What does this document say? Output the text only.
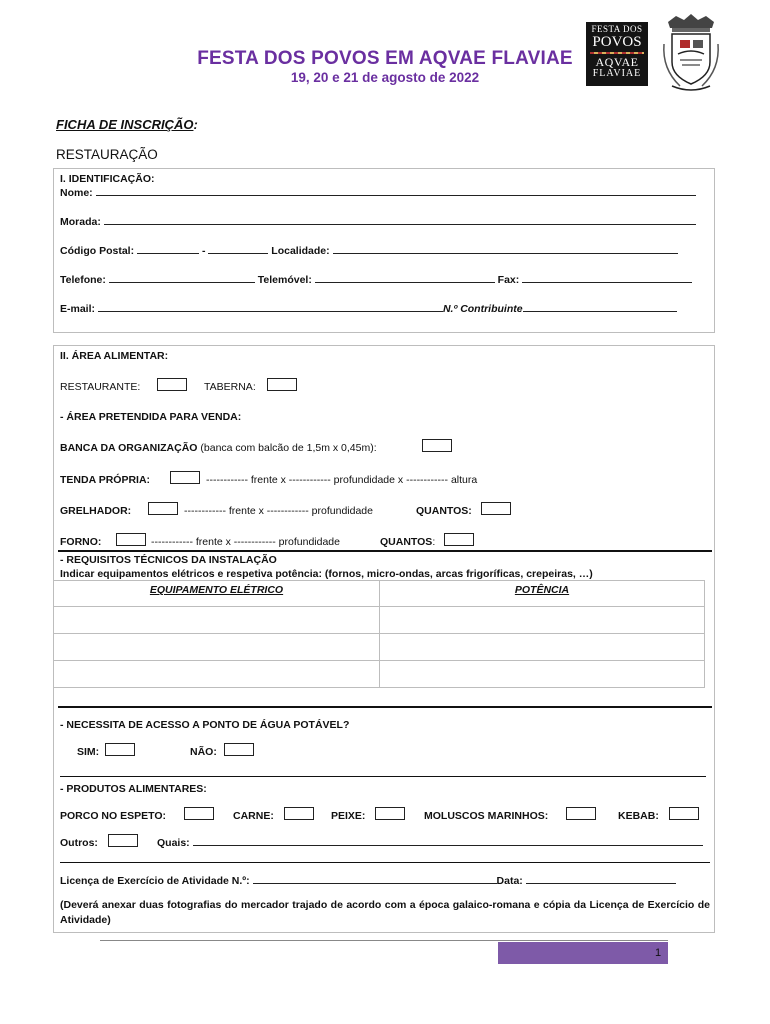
FESTA DOS POVOS EM AQVAE FLAVIAE
19, 20 e 21 de agosto de 2022
FESTA DOS
POVOS
AQVAE
FLAVIAE
FICHA DE INSCRIÇÃO:
RESTAURAÇÃO
I. IDENTIFICAÇÃO:
Nome:
Morada:
Código Postal:	-	Localidade:
Telefone:	Telemóvel:	Fax:
E-mail:	N.º Contribuinte
II. ÁREA ALIMENTAR:
RESTAURANTE:	TABERNA:
- ÁREA PRETENDIDA PARA VENDA:
BANCA DA ORGANIZAÇÃO (banca com balcão de 1,5m x 0,45m):
TENDA PRÓPRIA:	------------ frente x ------------ profundidade x ------------ altura
GRELHADOR:	------------ frente x ------------ profundidade	QUANTOS:
FORNO:	------------ frente x ------------ profundidade	QUANTOS:
- REQUISITOS TÉCNICOS DA INSTALAÇÃO
Indicar equipamentos elétricos e respetiva potência: (fornos, micro-ondas, arcas frigoríficas, crepeiras, …)
EQUIPAMENTO ELÉTRICO	POTÊNCIA

- NECESSITA DE ACESSO A PONTO DE ÁGUA POTÁVEL?
SIM:	NÃO:
- PRODUTOS ALIMENTARES:
PORCO NO ESPETO:	CARNE:	PEIXE:	MOLUSCOS MARINHOS:	KEBAB:
Outros:	Quais:
Licença de Exercício de Atividade N.º:	Data:
(Deverá anexar duas fotografias do mercador trajado de acordo com a época galaico-romana e cópia da Licença de Exercício de Atividade)
1
